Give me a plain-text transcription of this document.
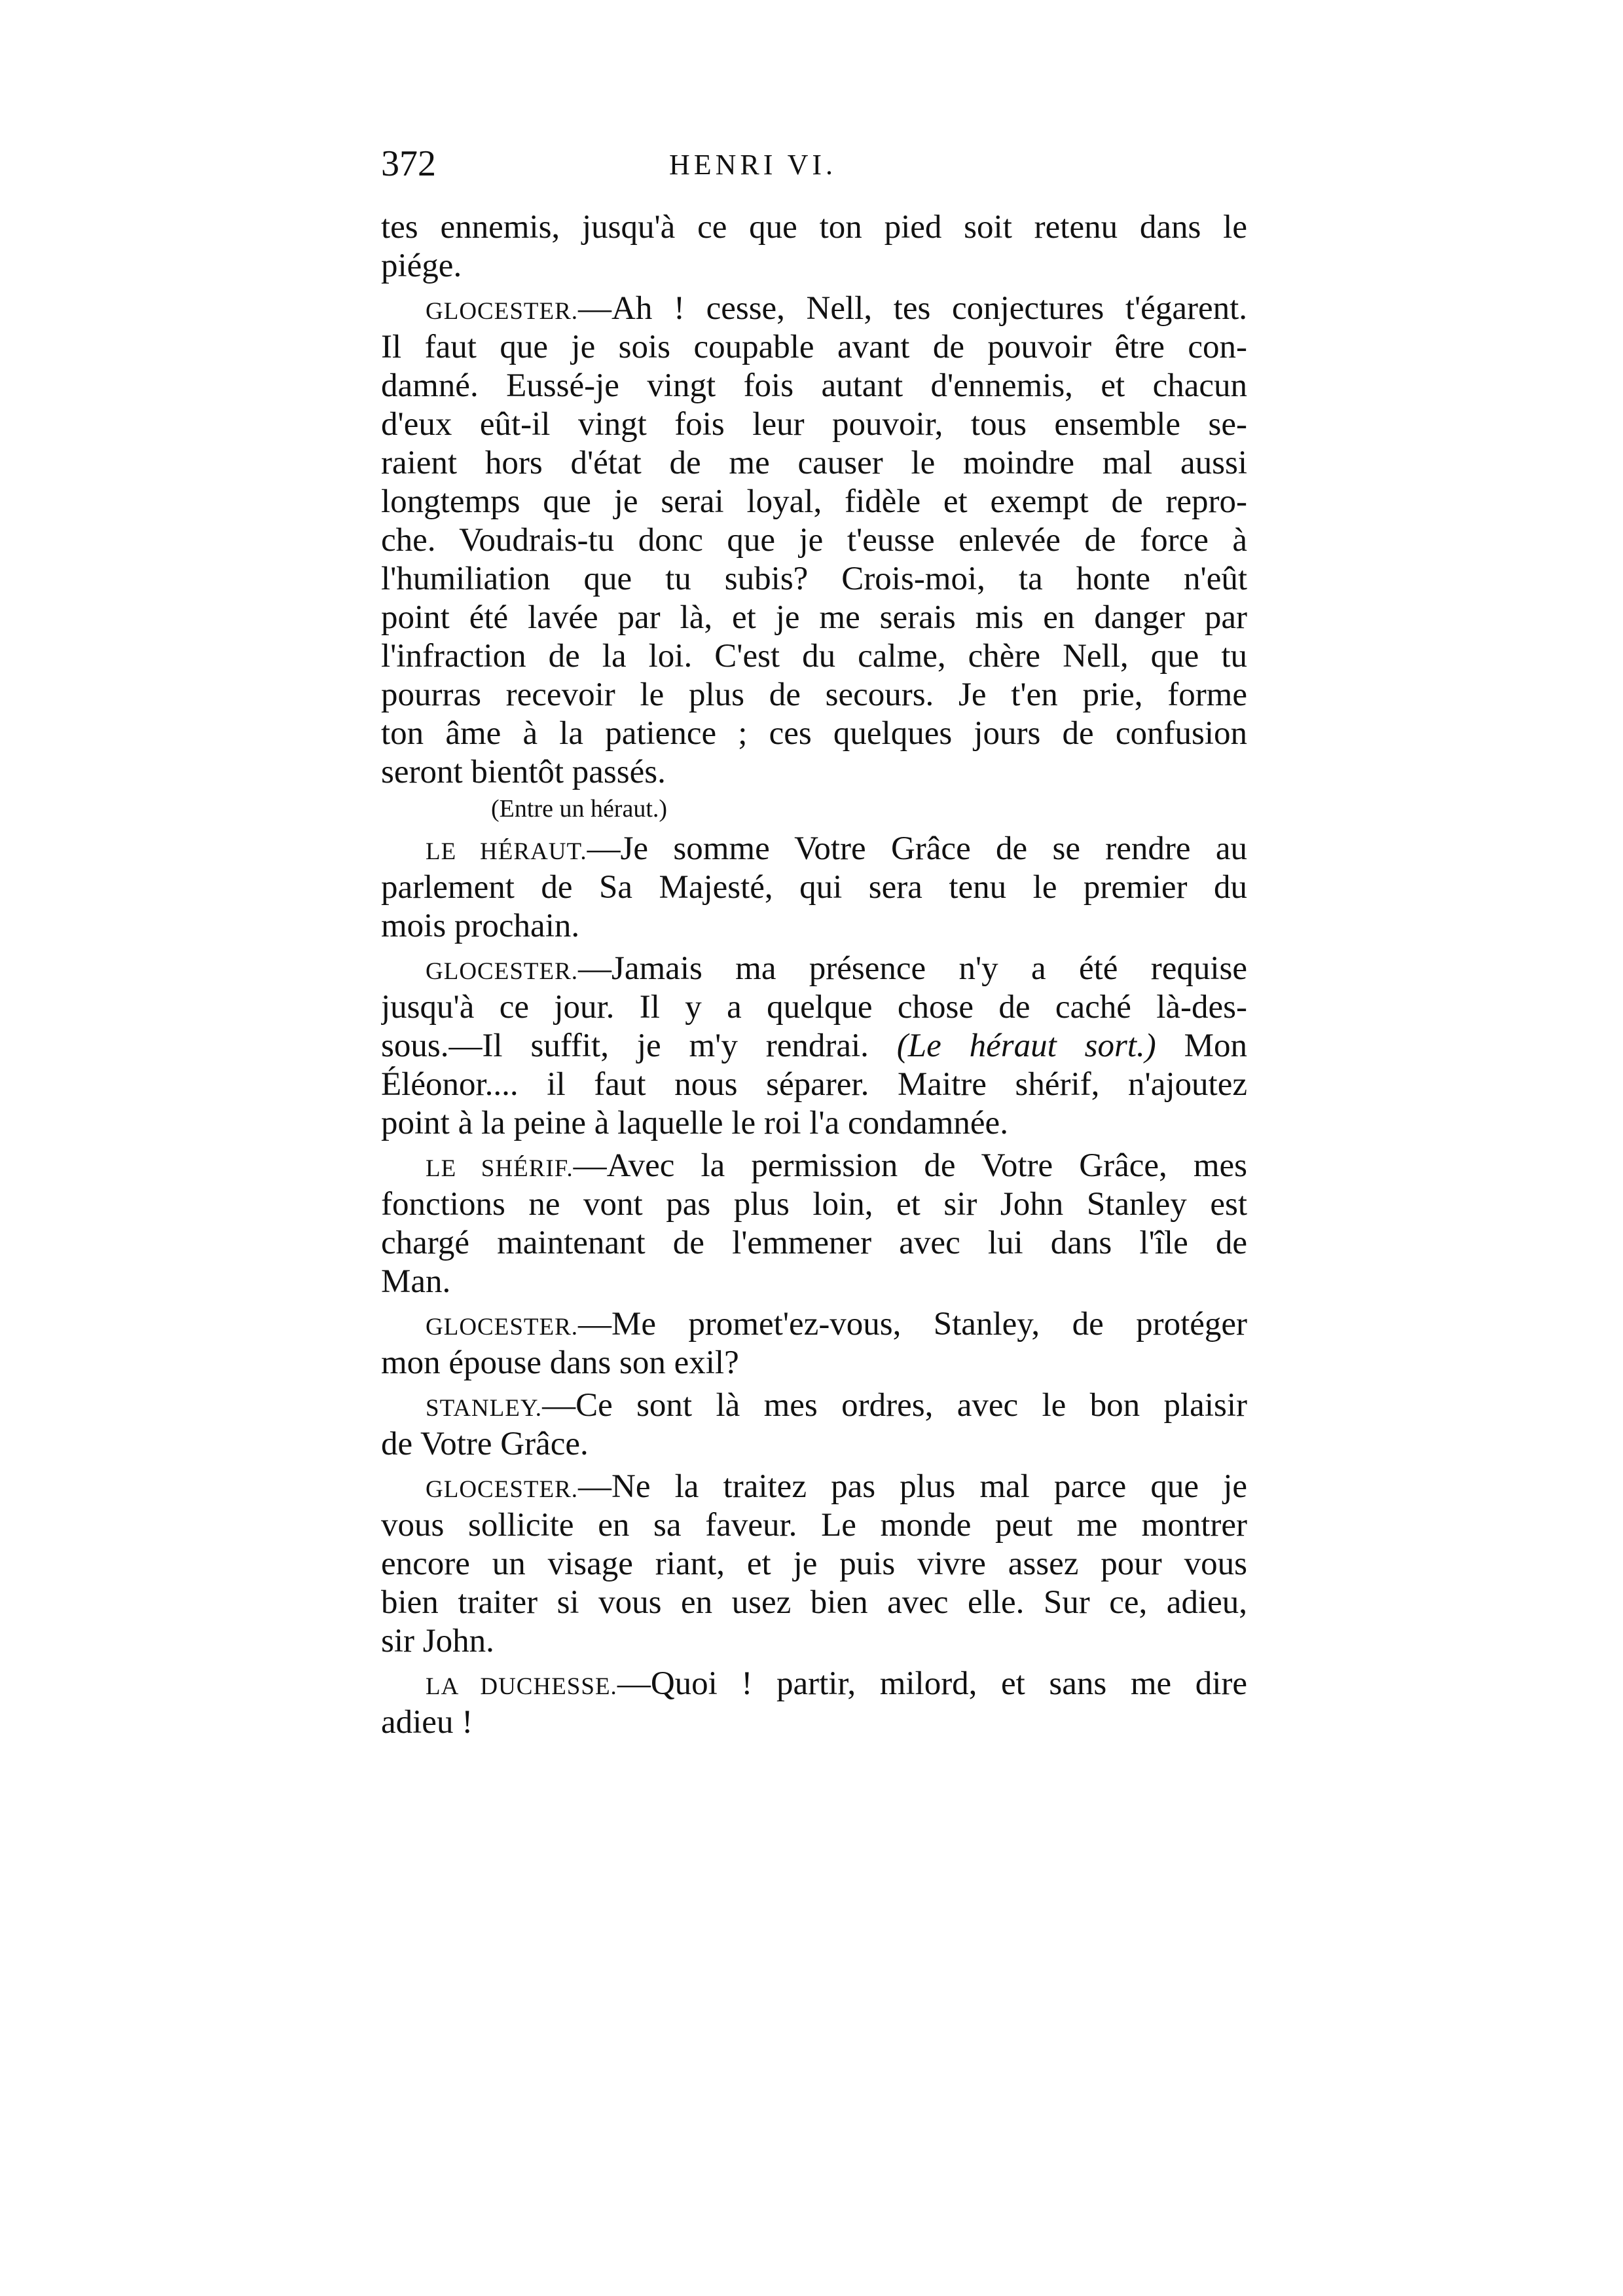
372	HENRI VI.
tes ennemis, jusqu'à ce que ton pied soit retenu dans le
piége.
GLOCESTER.—Ah ! cesse, Nell, tes conjectures t'égarent.
Il faut que je sois coupable avant de pouvoir être con-
damné. Eussé-je vingt fois autant d'ennemis, et chacun
d'eux eût-il vingt fois leur pouvoir, tous ensemble se-
raient hors d'état de me causer le moindre mal aussi
longtemps que je serai loyal, fidèle et exempt de repro-
che. Voudrais-tu donc que je t'eusse enlevée de force à
l'humiliation que tu subis? Crois-moi, ta honte n'eût
point été lavée par là, et je me serais mis en danger par
l'infraction de la loi. C'est du calme, chère Nell, que tu
pourras recevoir le plus de secours. Je t'en prie, forme
ton âme à la patience ; ces quelques jours de confusion
seront bientôt passés.
(Entre un héraut.)
LE HÉRAUT.—Je somme Votre Grâce de se rendre au
parlement de Sa Majesté, qui sera tenu le premier du
mois prochain.
GLOCESTER.—Jamais ma présence n'y a été requise
jusqu'à ce jour. Il y a quelque chose de caché là-des-
sous.—Il suffit, je m'y rendrai. (Le héraut sort.) Mon
Éléonor.... il faut nous séparer. Maitre shérif, n'ajoutez
point à la peine à laquelle le roi l'a condamnée.
LE SHÉRIF.—Avec la permission de Votre Grâce, mes
fonctions ne vont pas plus loin, et sir John Stanley est
chargé maintenant de l'emmener avec lui dans l'île de
Man.
GLOCESTER.—Me promet'ez-vous, Stanley, de protéger
mon épouse dans son exil?
STANLEY.—Ce sont là mes ordres, avec le bon plaisir
de Votre Grâce.
GLOCESTER.—Ne la traitez pas plus mal parce que je
vous sollicite en sa faveur. Le monde peut me montrer
encore un visage riant, et je puis vivre assez pour vous
bien traiter si vous en usez bien avec elle. Sur ce, adieu,
sir John.
LA DUCHESSE.—Quoi ! partir, milord, et sans me dire
adieu !
